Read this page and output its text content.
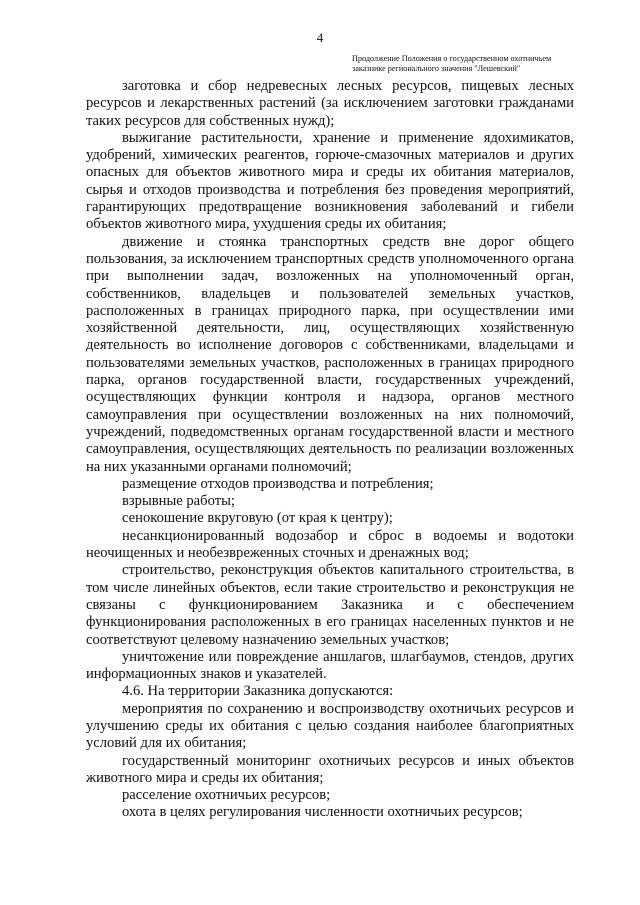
4
Продолжение Положения о государственном охотничьем
заказнике регионального значения "Лешевский"

заготовка и сбор недревесных лесных ресурсов, пищевых лесных ресурсов и лекарственных растений (за исключением заготовки гражданами таких ресурсов для собственных нужд);

выжигание растительности, хранение и применение ядохимикатов, удобрений, химических реагентов, горюче-смазочных материалов и других опасных для объектов животного мира и среды их обитания материалов, сырья и отходов производства и потребления без проведения мероприятий, гарантирующих предотвращение возникновения заболеваний и гибели объектов животного мира, ухудшения среды их обитания;

движение и стоянка транспортных средств вне дорог общего пользования, за исключением транспортных средств уполномоченного органа при выполнении задач, возложенных на уполномоченный орган, собственников, владельцев и пользователей земельных участков, расположенных в границах природного парка, при осуществлении ими хозяйственной деятельности, лиц, осуществляющих хозяйственную деятельность во исполнение договоров с собственниками, владельцами и пользователями земельных участков, расположенных в границах природного парка, органов государственной власти, государственных учреждений, осуществляющих функции контроля и надзора, органов местного самоуправления при осуществлении возложенных на них полномочий, учреждений, подведомственных органам государственной власти и местного самоуправления, осуществляющих деятельность по реализации возложенных на них указанными органами полномочий;

размещение отходов производства и потребления;

взрывные работы;

сенокошение вкруговую (от края к центру);

несанкционированный водозабор и сброс в водоемы и водотоки неочищенных и необезвреженных сточных и дренажных вод;

строительство, реконструкция объектов капитального строительства, в том числе линейных объектов, если такие строительство и реконструкция не связаны с функционированием Заказника и с обеспечением функционирования расположенных в его границах населенных пунктов и не соответствуют целевому назначению земельных участков;

уничтожение или повреждение аншлагов, шлагбаумов, стендов, других информационных знаков и указателей.

4.6. На территории Заказника допускаются:

мероприятия по сохранению и воспроизводству охотничьих ресурсов и улучшению среды их обитания с целью создания наиболее благоприятных условий для их обитания;

государственный мониторинг охотничьих ресурсов и иных объектов животного мира и среды их обитания;

расселение охотничьих ресурсов;

охота в целях регулирования численности охотничьих ресурсов;
